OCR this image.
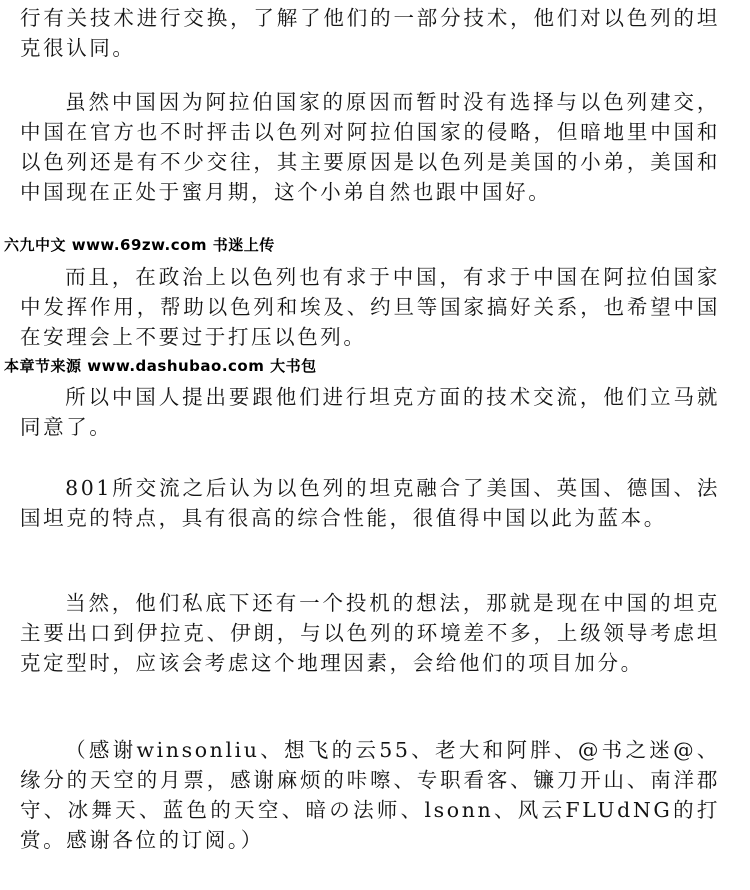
行有关技术进行交换，了解了他们的一部分技术，他们对以色列的坦克很认同。

虽然中国因为阿拉伯国家的原因而暂时没有选择与以色列建交，中国在官方也不时抨击以色列对阿拉伯国家的侵略，但暗地里中国和以色列还是有不少交往，其主要原因是以色列是美国的小弟，美国和中国现在正处于蜜月期，这个小弟自然也跟中国好。

六九中文 www.69zw.com 书迷上传

而且，在政治上以色列也有求于中国，有求于中国在阿拉伯国家中发挥作用，帮助以色列和埃及、约旦等国家搞好关系，也希望中国在安理会上不要过于打压以色列。

本章节来源 www.dashubao.com 大书包

所以中国人提出要跟他们进行坦克方面的技术交流，他们立马就同意了。

801所交流之后认为以色列的坦克融合了美国、英国、德国、法国坦克的特点，具有很高的综合性能，很值得中国以此为蓝本。

当然，他们私底下还有一个投机的想法，那就是现在中国的坦克主要出口到伊拉克、伊朗，与以色列的环境差不多，上级领导考虑坦克定型时，应该会考虑这个地理因素，会给他们的项目加分。

（感谢winsonliu、想飞的云55、老大和阿胖、@书之迷@、缘分的天空的月票，感谢麻烦的咔嚓、专职看客、镰刀开山、南洋郡守、冰舞天、蓝色的天空、暗の法师、lsonn、风云FLUdNG的打赏。感谢各位的订阅。）
